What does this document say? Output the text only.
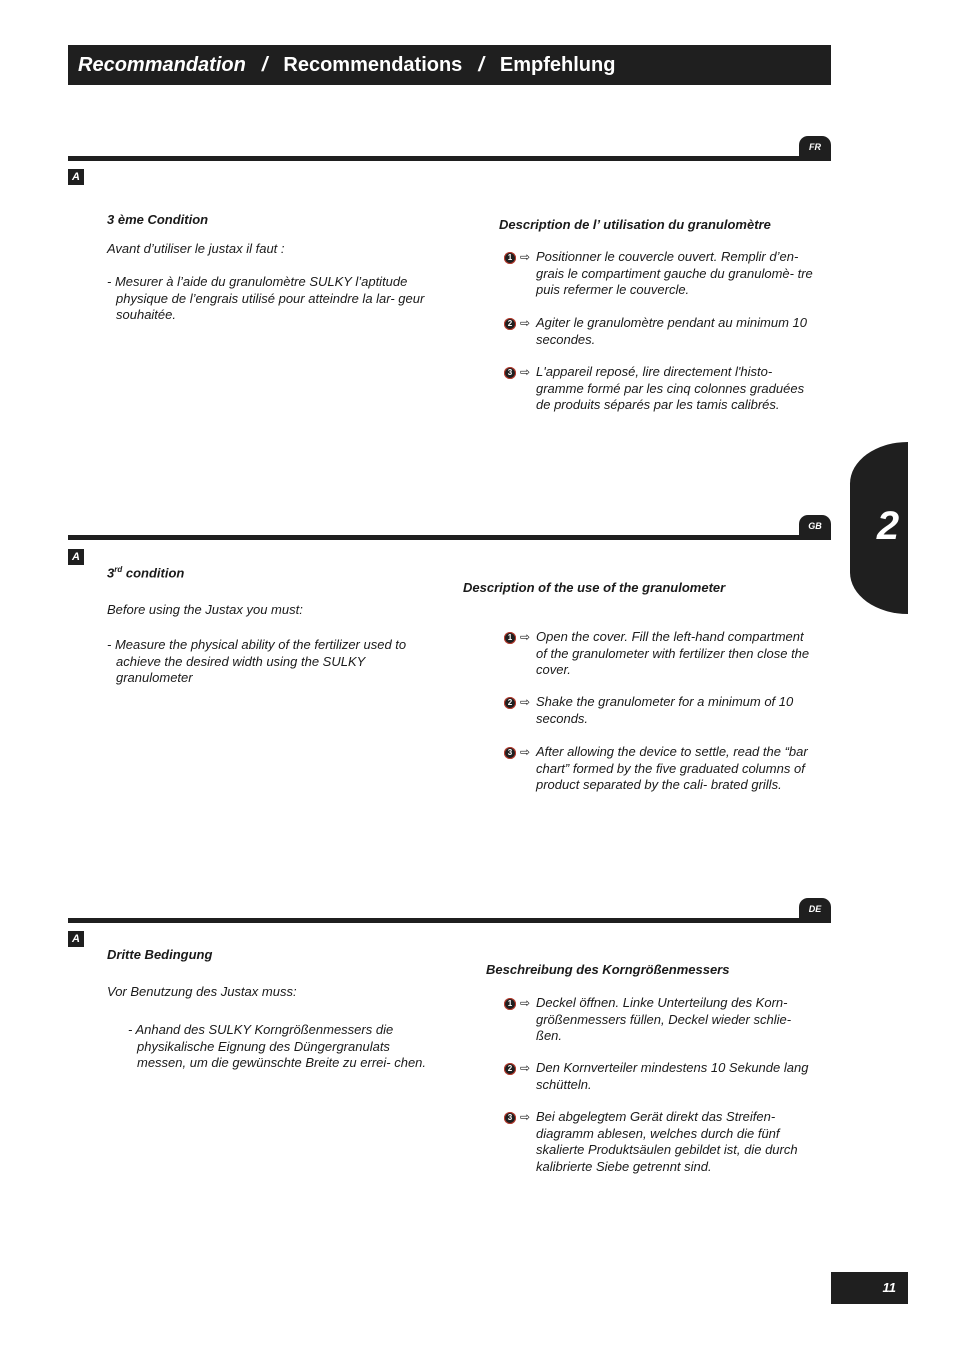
Recommandation / Recommendations / Empfehlung
2
FR
A
3 ème Condition
Avant d’utiliser le justax il faut :
- Mesurer à l’aide du granulomètre SULKY l’aptitude physique de l’engrais utilisé pour atteindre la lar- geur souhaitée.
Description de l’ utilisation du granulomètre
1 ⇨ Positionner le couvercle ouvert. Remplir d’en- grais le compartiment gauche du granulomè- tre puis refermer le couvercle.
2 ⇨ Agiter le granulomètre pendant au minimum 10 secondes.
3 ⇨ L'appareil reposé, lire directement l'histo- gramme formé par les cinq colonnes graduées de produits séparés par les tamis calibrés.
GB
A
3rd condition
Before using the Justax you must:
- Measure the physical ability of the fertilizer used to achieve the desired width using the SULKY granulometer
Description of the use of the granulometer
1 ⇨ Open the cover. Fill the left-hand compartment of the granulometer with fertilizer then close the cover.
2 ⇨ Shake the granulometer for a minimum of 10 seconds.
3 ⇨ After allowing the device to settle, read the “bar chart” formed by the five graduated columns of product separated by the cali- brated grills.
DE
A
Dritte Bedingung
Vor Benutzung des Justax muss:
- Anhand des SULKY Korngrößenmessers die physikalische Eignung des Düngergranulats messen, um die gewünschte Breite zu errei- chen.
Beschreibung des Korngrößenmessers
1 ⇨ Deckel öffnen. Linke Unterteilung des Korn- größenmessers füllen, Deckel wieder schlie- ßen.
2 ⇨ Den Kornverteiler mindestens 10 Sekunde lang schütteln.
3 ⇨ Bei abgelegtem Gerät direkt das Streifen- diagramm ablesen, welches durch die fünf skalierte Produktsäulen gebildet ist, die durch kalibrierte Siebe getrennt sind.
11
